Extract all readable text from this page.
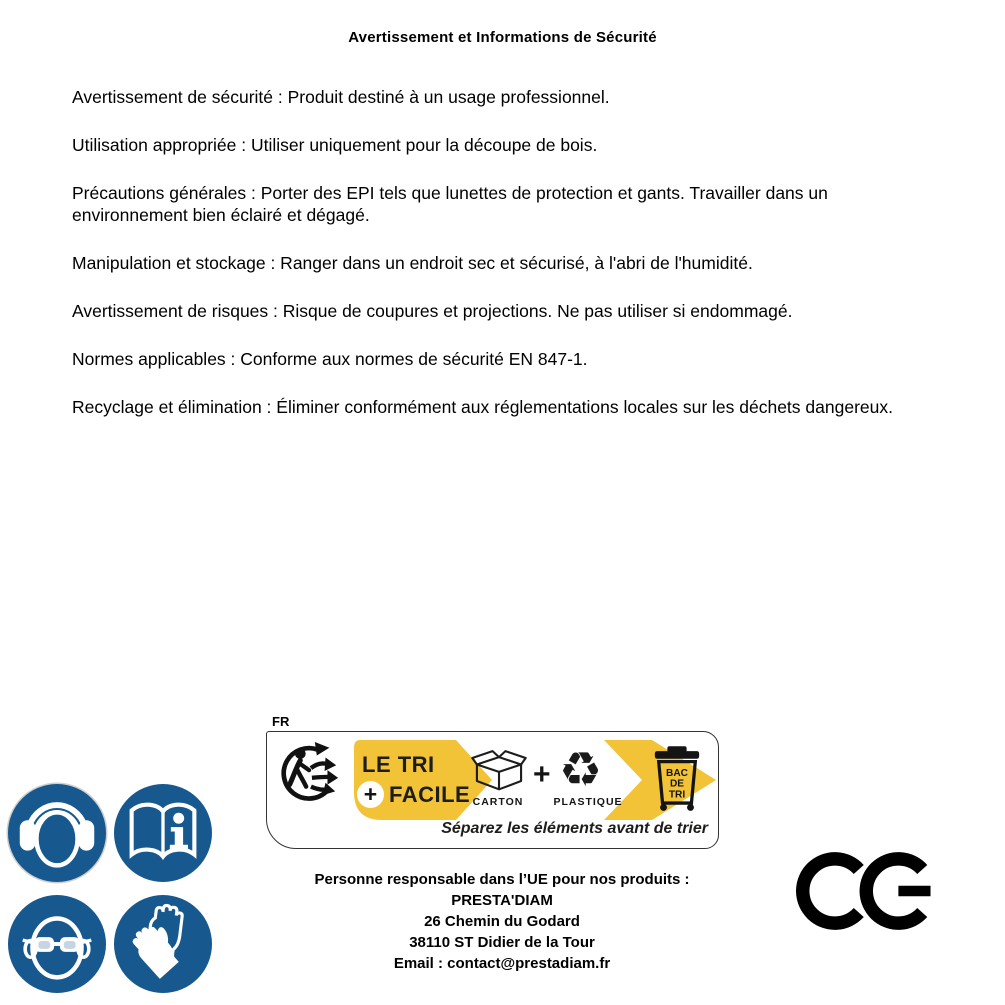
Avertissement et Informations de Sécurité

Avertissement de sécurité : Produit destiné à un usage professionnel.

Utilisation appropriée : Utiliser uniquement pour la découpe de bois.

Précautions générales : Porter des EPI tels que lunettes de protection et gants. Travailler dans un environnement bien éclairé et dégagé.

Manipulation et stockage : Ranger dans un endroit sec et sécurisé, à l'abri de l'humidité.

Avertissement de risques : Risque de coupures et projections. Ne pas utiliser si endommagé.

Normes applicables : Conforme aux normes de sécurité EN 847-1.

Recyclage et élimination : Éliminer conformément aux réglementations locales sur les déchets dangereux.

FR
LE TRI
+ FACILE CARTON
+ ♻
PLASTIQUE
BAC
DE
TRI
Séparez les éléments avant de trier
Personne responsable dans l’UE pour nos produits :
PRESTA'DIAM
26 Chemin du Godard
38110 ST Didier de la Tour
Email : contact@prestadiam.fr
